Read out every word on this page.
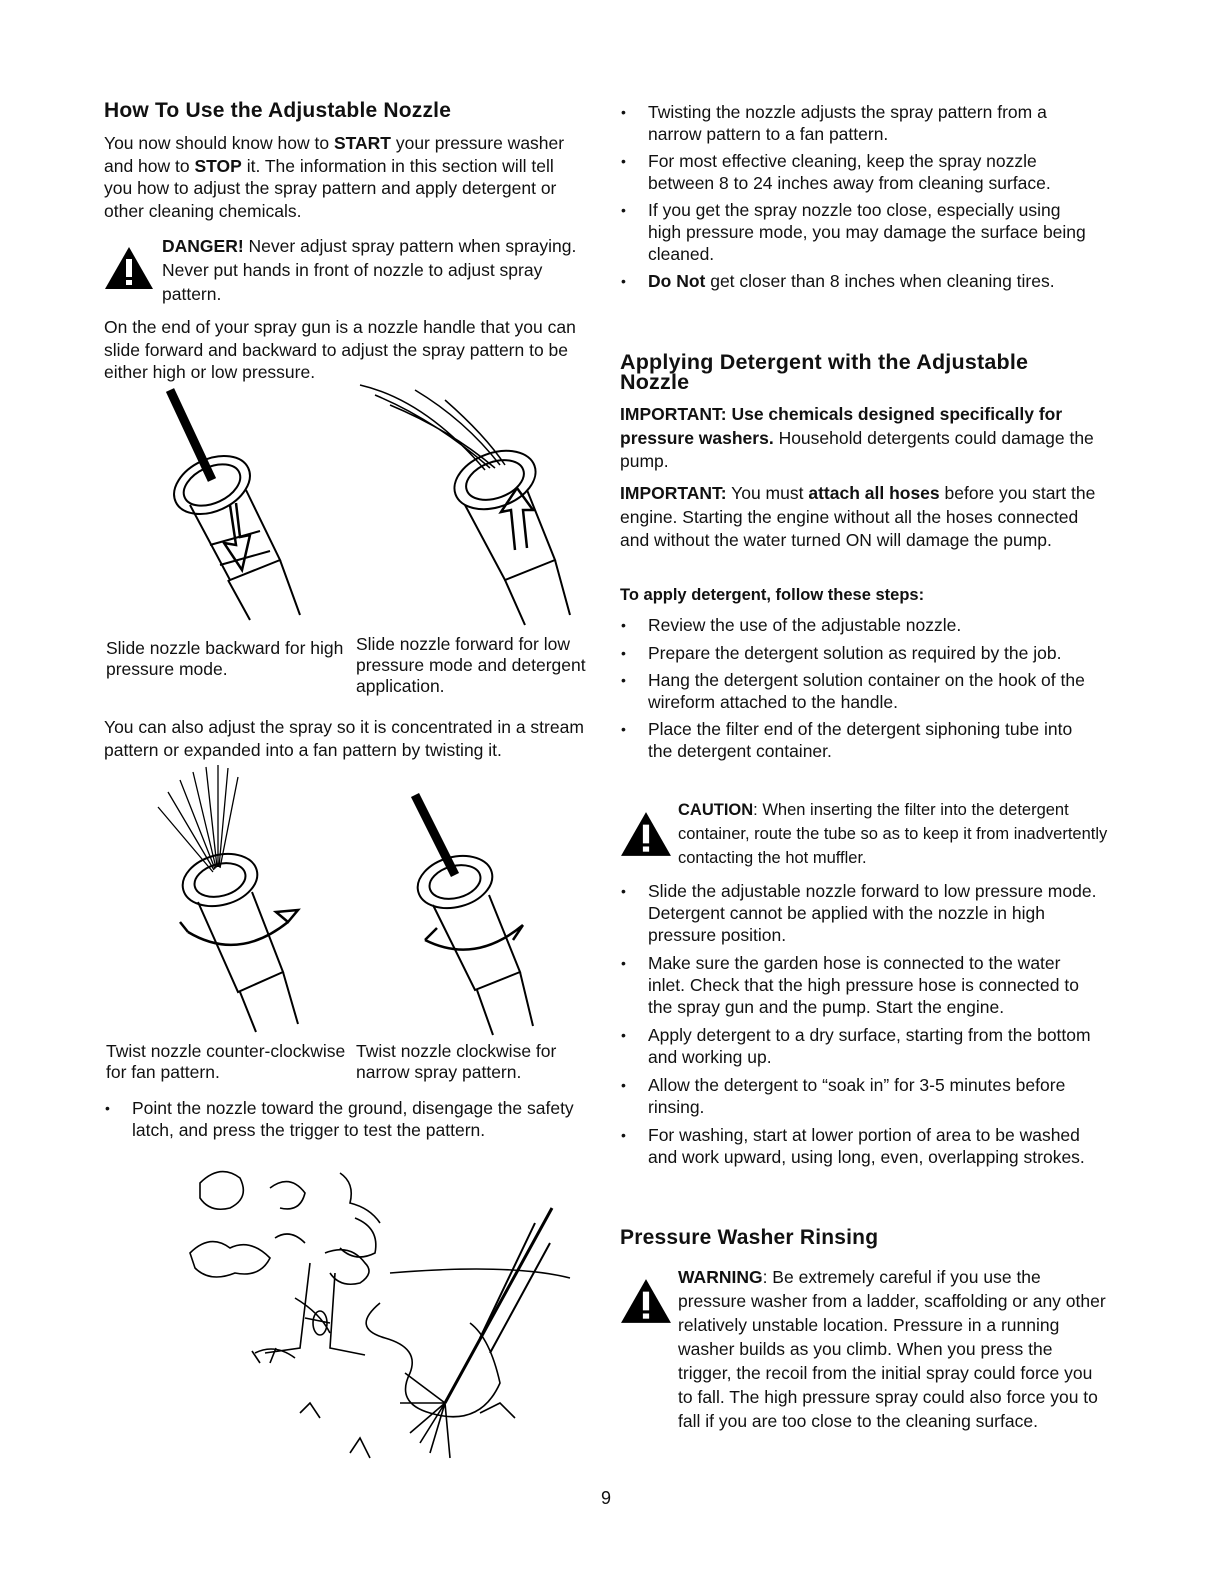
How To Use the Adjustable Nozzle

You now should know how to START your pressure washer and how to STOP it. The information in this section will tell you how to adjust the spray pattern and apply detergent or other cleaning chemicals.

DANGER! Never adjust spray pattern when spraying. Never put hands in front of nozzle to adjust spray pattern.

On the end of your spray gun is a nozzle handle that you can slide forward and backward to adjust the spray pattern to be either high or low pressure.

Slide nozzle backward for high pressure mode.
Slide nozzle forward for low pressure mode and detergent application.

You can also adjust the spray so it is concentrated in a stream pattern or expanded into a fan pattern by twisting it.

Twist nozzle counter-clockwise for fan pattern.
Twist nozzle clockwise for narrow spray pattern.
• Point the nozzle toward the ground, disengage the safety latch, and press the trigger to test the pattern.
• Twisting the nozzle adjusts the spray pattern from a narrow pattern to a fan pattern.
• For most effective cleaning, keep the spray nozzle between 8 to 24 inches away from cleaning surface.
• If you get the spray nozzle too close, especially using high pressure mode, you may damage the surface being cleaned.
• Do Not get closer than 8 inches when cleaning tires.
Applying Detergent with the Adjustable Nozzle

IMPORTANT: Use chemicals designed specifically for pressure washers. Household detergents could damage the pump.

IMPORTANT: You must attach all hoses before you start the engine. Starting the engine without all the hoses connected and without the water turned ON will damage the pump.

To apply detergent, follow these steps:
• Review the use of the adjustable nozzle.
• Prepare the detergent solution as required by the job.
• Hang the detergent solution container on the hook of the wireform attached to the handle.
• Place the filter end of the detergent siphoning tube into the detergent container.
CAUTION: When inserting the filter into the detergent container, route the tube so as to keep it from inadvertently contacting the hot muffler.
• Slide the adjustable nozzle forward to low pressure mode. Detergent cannot be applied with the nozzle in high pressure position.
• Make sure the garden hose is connected to the water inlet. Check that the high pressure hose is connected to the spray gun and the pump. Start the engine.
• Apply detergent to a dry surface, starting from the bottom and working up.
• Allow the detergent to “soak in” for 3-5 minutes before rinsing.
• For washing, start at lower portion of area to be washed and work upward, using long, even, overlapping strokes.
Pressure Washer Rinsing
WARNING: Be extremely careful if you use the pressure washer from a ladder, scaffolding or any other relatively unstable location. Pressure in a running washer builds as you climb. When you press the trigger, the recoil from the initial spray could force you to fall. The high pressure spray could also force you to fall if you are too close to the cleaning surface.
9
